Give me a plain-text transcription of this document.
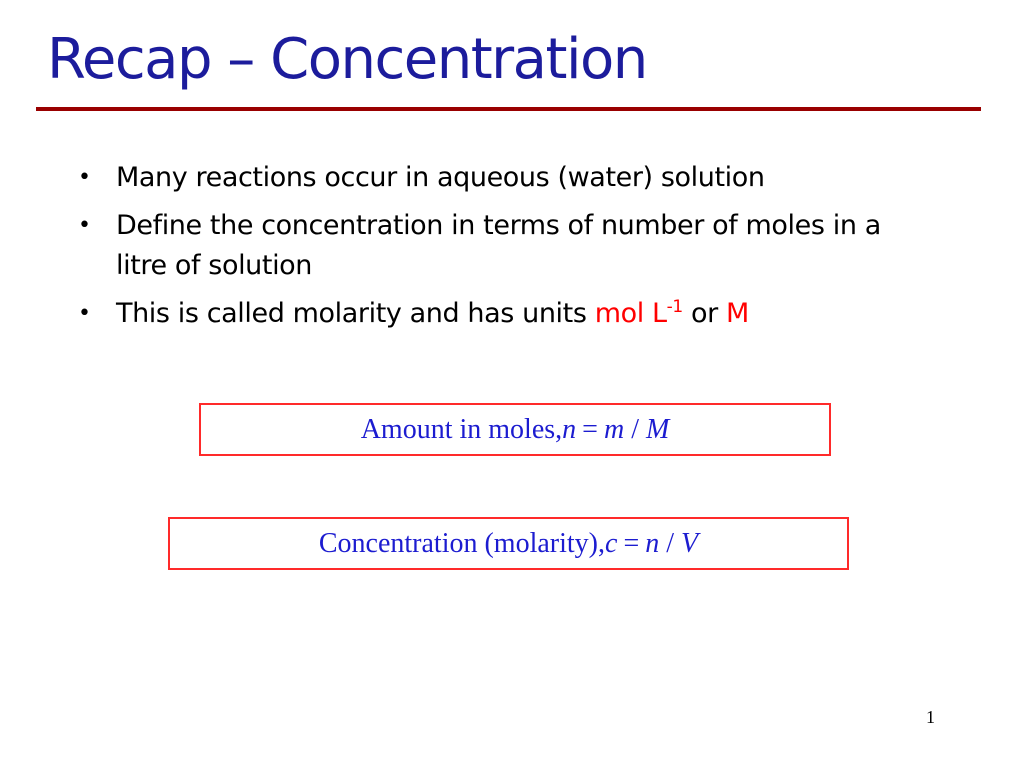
Recap – Concentration
• Many reactions occur in aqueous (water) solution
• Define the concentration in terms of number of moles in a litre of solution
• This is called molarity and has units mol $L^{-1}$ or M
Amount in moles, n = m / M
Concentration (molarity), c = n / V
1
